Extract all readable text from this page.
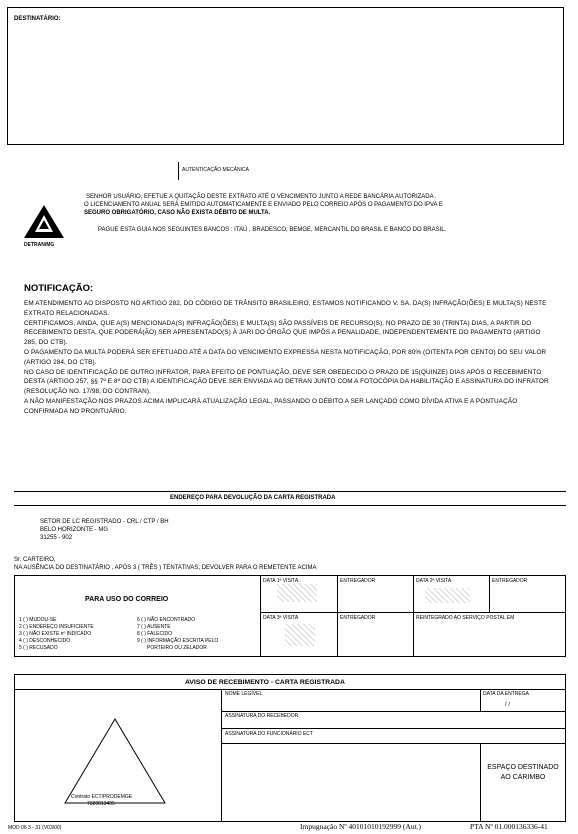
DESTINATÁRIO:
AUTENTICAÇÃO MECÂNICA
DETRAN/MG
SENHOR USUÁRIO, EFETUE A QUITAÇÃO DESTE EXTRATO ATÉ O VENCIMENTO JUNTO A REDE BANCÁRIA AUTORIZADA .
O LICENCIAMENTO ANUAL SERÁ EMITIDO AUTOMATICAMENTE E ENVIADO PELO CORREIO APÓS O PAGAMENTO DO IPVA E
SEGURO OBRIGATÓRIO, CASO NÃO EXISTA DÉBITO DE MULTA.
PAGUE ESTA GUIA NOS SEGUINTES BANCOS : ITAÚ , BRADESCO, BEMGE, MERCANTIL DO BRASIL E BANCO DO BRASIL.
NOTIFICAÇÃO:

EM ATENDIMENTO AO DISPOSTO NO ARTIGO 282, DO CÓDIGO DE TRÂNSITO BRASILEIRO, ESTAMOS NOTIFICANDO V. SA. DA(S) INFRAÇÃO(ÕES) E MULTA(S) NESTE EXTRATO RELACIONADAS.

CERTIFICAMOS, AINDA, QUE A(S) MENCIONADA(S) INFRAÇÃO(ÕES) E MULTA(S) SÃO PASSÍVEIS DE RECURSO(S), NO PRAZO DE 30 (TRINTA) DIAS, A PARTIR DO RECEBIMENTO DESTA, QUE PODERÁ(ÃO) SER APRESENTADO(S) À JARI DO ÓRGÃO QUE IMPÔS A PENALIDADE, INDEPENDENTEMENTE DO PAGAMENTO (ARTIGO 285, DO CTB).

O PAGAMENTO DA MULTA PODERÁ SER EFETUADO ATÉ A DATA DO VENCIMENTO EXPRESSA NESTA NOTIFICAÇÃO, POR 80% (OITENTA POR CENTO) DO SEU VALOR (ARTIGO 284, DO CTB).

NO CASO DE IDENTIFICAÇÃO DE OUTRO INFRATOR, PARA EFEITO DE PONTUAÇÃO, DEVE SER OBEDECIDO O PRAZO DE 15(QUINZE) DIAS APÓS O RECEBIMENTO DESTA (ARTIGO 257, §§ 7º E 8º DO CTB) A IDENTIFICAÇÃO DEVE SER ENVIADA AO DETRAN JUNTO COM A FOTOCÓPIA DA HABILITAÇÃO E ASSINATURA DO INFRATOR (RESOLUÇÃO NO. 17/98, DO CONTRAN).

A NÃO MANIFESTAÇÃO NOS PRAZOS ACIMA IMPLICARÁ ATUALIZAÇÃO LEGAL, PASSANDO O DÉBITO A SER LANÇADO COMO DÍVIDA ATIVA E A PONTUAÇÃO CONFIRMADA NO PRONTUÁRIO.

ENDEREÇO PARA DEVOLUÇÃO DA CARTA REGISTRADA
SETOR DE LC REGISTRADO - CRL / CTP / BH
BELO HORIZONTE - MG
31255 - 902
Sr. CARTEIRO,
NA AUSÊNCIA DO DESTINATÁRIO , APÓS 3 ( TRÊS ) TENTATIVAS, DEVOLVER PARA O REMETENTE ACIMA
PARA USO DO CORREIO
DATA 1ª VISITA	ENTREGADOR	DATA 2ª VISITA	ENTREGADOR
DATA 3ª VISITA	ENTREGADOR	REINTEGRADO AO SERVIÇO POSTAL EM
1 ( ) MUDOU-SE
2 ( ) ENDEREÇO INSUFICIENTE
3 ( ) NÃO EXISTE nº INDICADO
4 ( ) DESCONHECIDO
5 ( ) RECUSADO
6 ( ) NÃO ENCONTRADO
7 ( ) AUSENTE
8 ( ) FALECIDO
9 ( ) INFORMAÇÃO ESCRITA PELO
PORTEIRO OU ZELADOR
AVISO DE RECEBIMENTO - CARTA REGISTRADA
Contrato ECT/PRODEMGE
7320013495
NOME LEGÍVEL	DATA DA ENTREGA
/ /
ASSINATURA DO RECEBEDOR
ASSINATURA DO FUNCIONÁRIO ECT
ESPAÇO DESTINADO AO CARIMBO
MOD 06 3 - 31 (V03/00)	Impugnação Nº 40101010192999 (Aut.)	PTA Nº 01.000136336-41
